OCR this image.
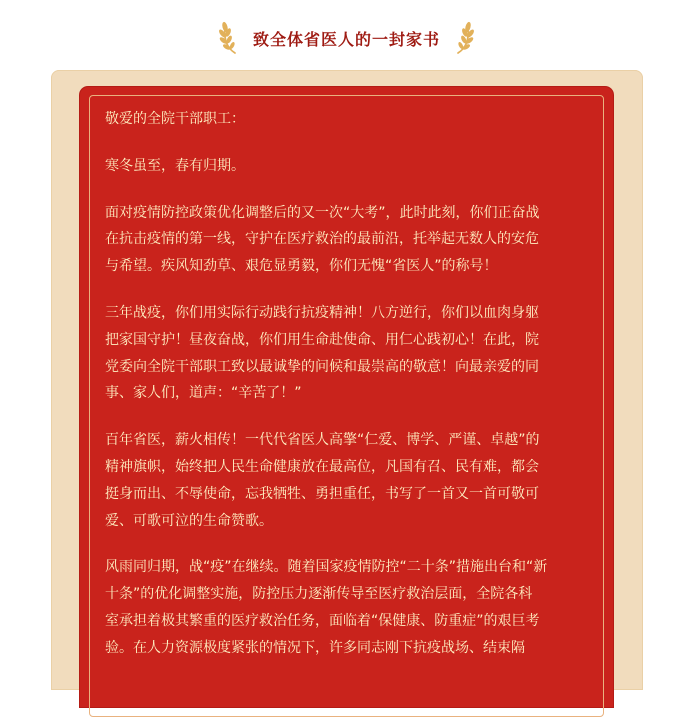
致全体省医人的一封家书

敬爱的全院干部职工：

寒冬虽至，春有归期。

面对疫情防控政策优化调整后的又一次“大考”，此时此刻，你们正奋战
在抗击疫情的第一线，守护在医疗救治的最前沿，托举起无数人的安危
与希望。疾风知劲草、艰危显勇毅，你们无愧“省医人”的称号！

三年战疫，你们用实际行动践行抗疫精神！八方逆行，你们以血肉身躯
把家国守护！昼夜奋战，你们用生命赴使命、用仁心践初心！在此，院
党委向全院干部职工致以最诚挚的问候和最崇高的敬意！向最亲爱的同
事、家人们，道声：“辛苦了！”

百年省医，薪火相传！一代代省医人高擎“仁爱、博学、严谨、卓越”的
精神旗帜，始终把人民生命健康放在最高位，凡国有召、民有难，都会
挺身而出、不辱使命，忘我牺牲、勇担重任，书写了一首又一首可敬可
爱、可歌可泣的生命赞歌。

风雨同归期，战“疫”在继续。随着国家疫情防控“二十条”措施出台和“新
十条”的优化调整实施，防控压力逐渐传导至医疗救治层面，全院各科
室承担着极其繁重的医疗救治任务，面临着“保健康、防重症”的艰巨考
验。在人力资源极度紧张的情况下，许多同志刚下抗疫战场、结束隔
